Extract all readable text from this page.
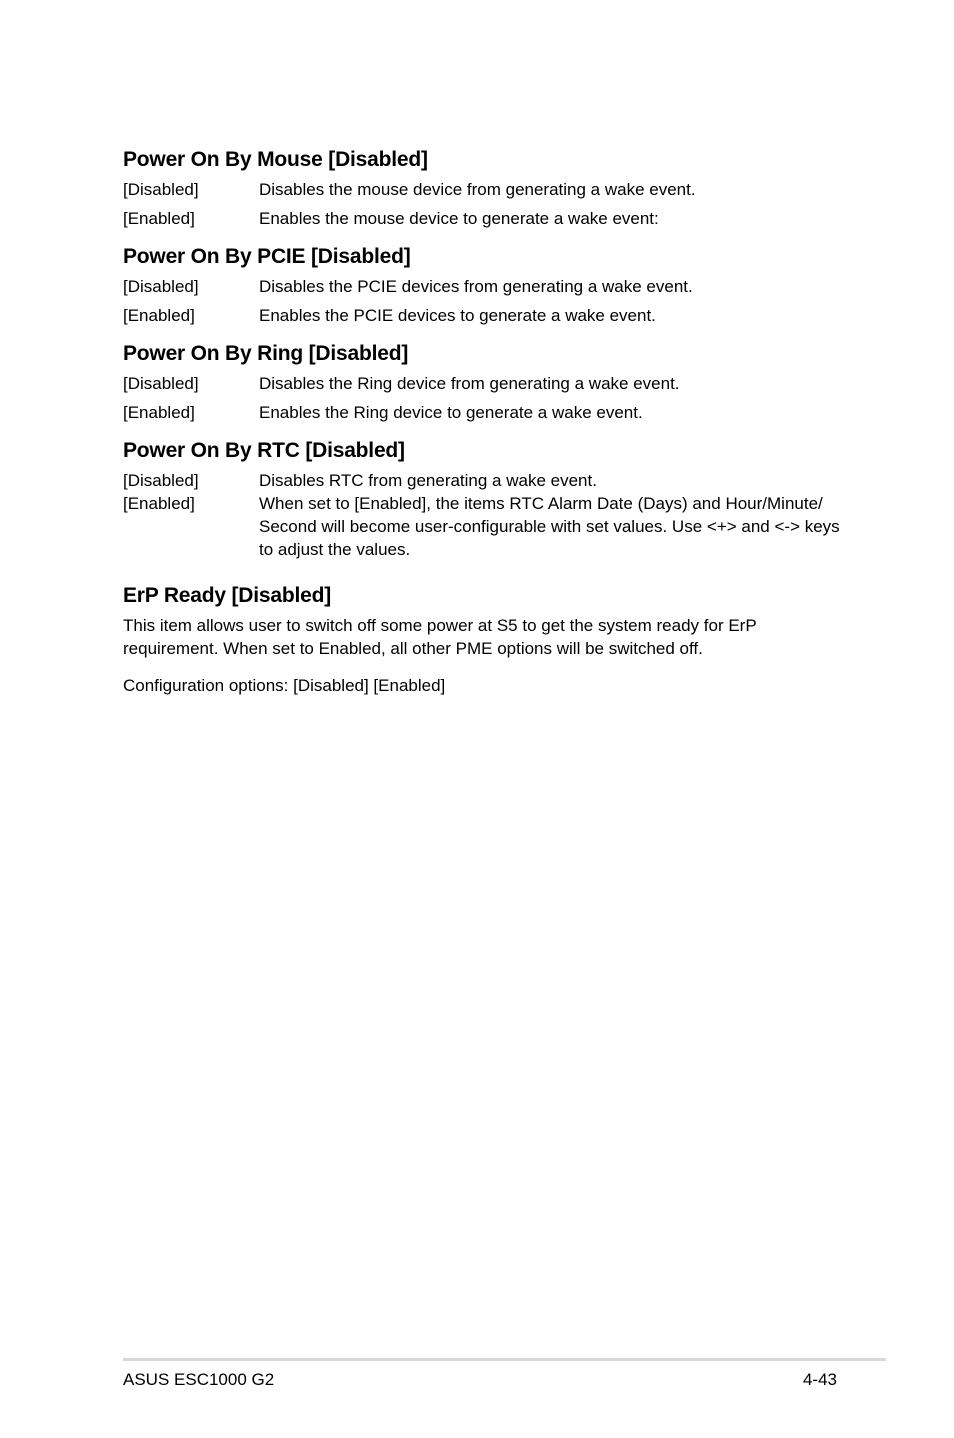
Power On By Mouse [Disabled]
[Disabled]	Disables the mouse device from generating a wake event.
[Enabled]	Enables the mouse device to generate a wake event:
Power On By PCIE [Disabled]
[Disabled]	Disables the PCIE devices from generating a wake event.
[Enabled]	Enables the PCIE devices to generate a wake event.
Power On By Ring [Disabled]
[Disabled]	Disables the Ring device from generating a wake event.
[Enabled]	Enables the Ring device to generate a wake event.
Power On By RTC [Disabled]
[Disabled]	Disables RTC from generating a wake event.
[Enabled]	When set to [Enabled], the items RTC Alarm Date (Days) and Hour/Minute/ Second will become user-configurable with set values. Use <+> and <-> keys to adjust the values.
ErP Ready [Disabled]

This item allows user to switch off some power at S5 to get the system ready for ErP requirement. When set to Enabled, all other PME options will be switched off.

Configuration options: [Disabled] [Enabled]

ASUS ESC1000 G2	4-43
